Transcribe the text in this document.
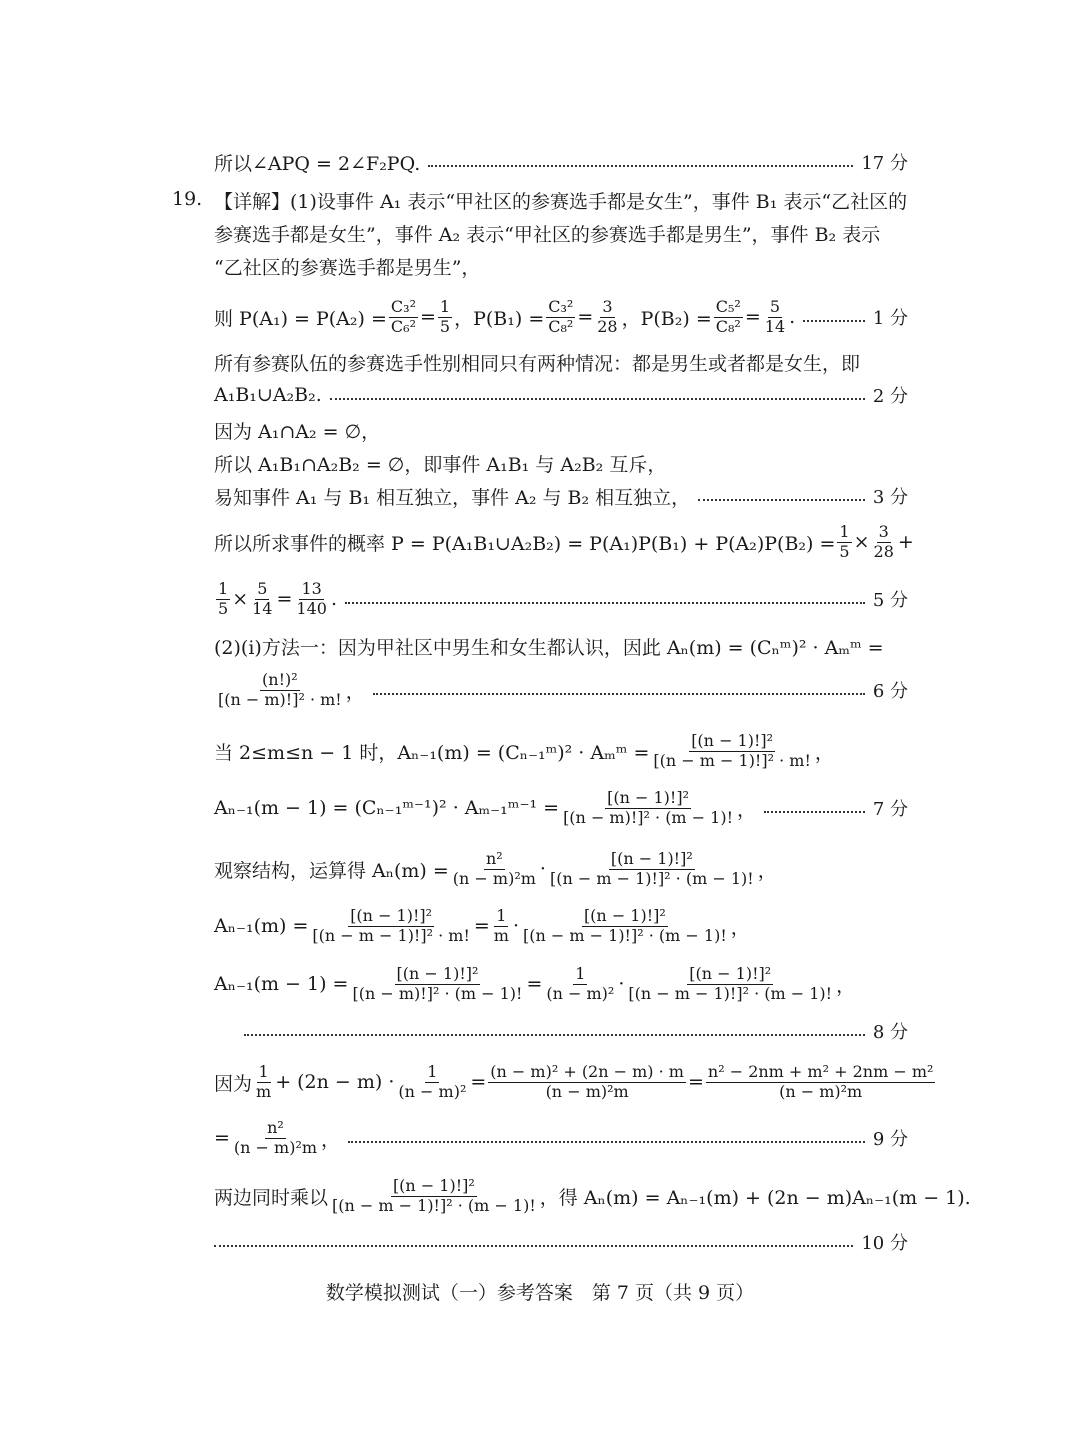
所以∠APQ = 2∠F₂PQ.	17 分
19. 【详解】(1)设事件 A₁ 表示“甲社区的参赛选手都是女生”，事件 B₁ 表示“乙社区的
参赛选手都是女生”，事件 A₂ 表示“甲社区的参赛选手都是男生”，事件 B₂ 表示
“乙社区的参赛选手都是男生”，
则 $P(A_1) = P(A_2) = \frac{\text{C₃²}}{\text{C₆²}} = \frac{1}{5}$ ，$P(B_1) = \frac{\text{C₃²}}{\text{C₈²}} = \frac{3}{28}$ ，$P(B_2) = \frac{\text{C₅²}}{\text{C₈²}} = \frac{5}{14}$ .	1 分
所有参赛队伍的参赛选手性别相同只有两种情况：都是男生或者都是女生，即
A₁B₁∪A₂B₂.	2 分
因为 A₁∩A₂ = ∅，
所以 A₁B₁∩A₂B₂ = ∅，即事件 A₁B₁ 与 A₂B₂ 互斥，
易知事件 A₁ 与 B₁ 相互独立，事件 A₂ 与 B₂ 相互独立，	3 分
所以所求事件的概率 P = P(A₁B₁∪A₂B₂) = $P(A_1)P(B_1) + P(A_2)P(B_2) = \frac{1}{5} \times \frac{3}{28}$ +
$\frac{1}{5} \times \frac{5}{14} = \frac{13}{140}$ .	5 分
(2)(i)方法一：因为甲社区中男生和女生都认识，因此 Aₙ(m) = (Cₙᵐ)² · Aₘᵐ =
$\frac{\text{(n!)²}}{\text{[(n − m)!]² · m!}}$ ，	6 分
当 2≤m≤n − 1 时，Aₙ₋₁(m) = (Cₙ₋₁ᵐ)² · Aₘᵐ = $\frac{\text{[(n − 1)!]²}}{\text{[(n − m − 1)!]² · m!}}$ ，
Aₙ₋₁(m − 1) = (Cₙ₋₁ᵐ⁻¹)² · Aₘ₋₁ᵐ⁻¹ = $\frac{\text{[(n − 1)!]²}}{\text{[(n − m)!]² · (m − 1)!}}$ ，	7 分
观察结构，运算得 $A_n(m) = \frac{\text{n²}}{\text{(n − m)²m}} \cdot \frac{\text{[(n − 1)!]²}}{\text{[(n − m − 1)!]² · (m − 1)!}}$ ，
$A_{n-1}(m) = \frac{\text{[(n − 1)!]²}}{\text{[(n − m − 1)!]² · m!}} = \frac{1}{m} \cdot \frac{\text{[(n − 1)!]²}}{\text{[(n − m − 1)!]² · (m − 1)!}}$ ，
$A_{n-1}(m - 1) = \frac{\text{[(n − 1)!]²}}{\text{[(n − m)!]² · (m − 1)!}} = \frac{1}{\text{(n − m)²}} \cdot \frac{\text{[(n − 1)!]²}}{\text{[(n − m − 1)!]² · (m − 1)!}}$ ，
8 分
因为 $\frac{1}{m} + (2n - m) \cdot \frac{1}{\text{(n − m)²}} = \frac{\text{(n − m)² + (2n − m) · m}}{\text{(n − m)²m}} = \frac{\text{n² − 2nm + m² + 2nm − m²}}{\text{(n − m)²m}}$
= $\frac{\text{n²}}{\text{(n − m)²m}}$ ，	9 分
两边同时乘以 $\frac{\text{[(n − 1)!]²}}{\text{[(n − m − 1)!]² · (m − 1)!}}$ ，得 Aₙ(m) = Aₙ₋₁(m) + (2n − m)Aₙ₋₁(m − 1).
10 分
数学模拟测试（一）参考答案　第 7 页（共 9 页）
